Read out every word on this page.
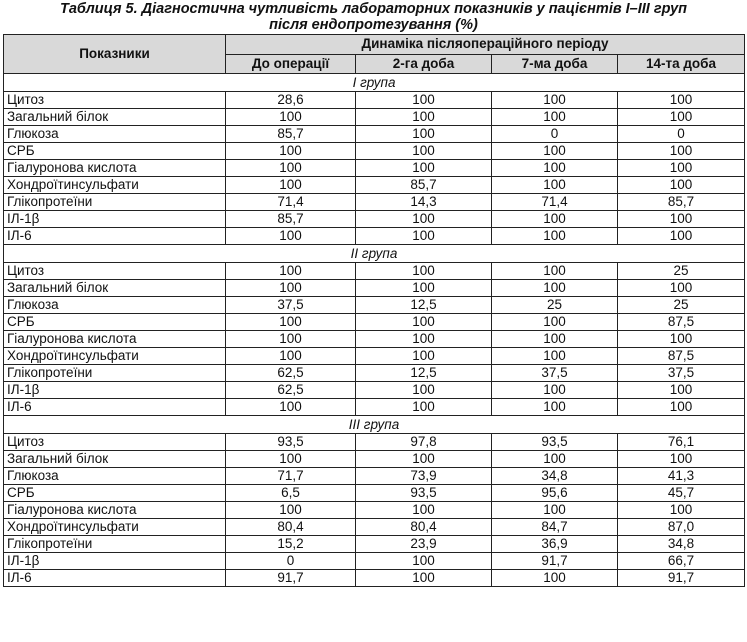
Таблиця 5. Діагностична чутливість лабораторних показників у пацієнтів І–ІІІ груп
після ендопротезування (%)
Показники	Динаміка післяопераційного періоду			
	До операції	2-га доба	7-ма доба	14-та доба
І група				
Цитоз	28,6	100	100	100
Загальний білок	100	100	100	100
Глюкоза	85,7	100	0	0
СРБ	100	100	100	100
Гіалуронова кислота	100	100	100	100
Хондроїтинсульфати	100	85,7	100	100
Глікопротеїни	71,4	14,3	71,4	85,7
ІЛ-1β	85,7	100	100	100
ІЛ-6	100	100	100	100
ІІ група				
Цитоз	100	100	100	25
Загальний білок	100	100	100	100
Глюкоза	37,5	12,5	25	25
СРБ	100	100	100	87,5
Гіалуронова кислота	100	100	100	100
Хондроїтинсульфати	100	100	100	87,5
Глікопротеїни	62,5	12,5	37,5	37,5
ІЛ-1β	62,5	100	100	100
ІЛ-6	100	100	100	100
ІІІ група				
Цитоз	93,5	97,8	93,5	76,1
Загальний білок	100	100	100	100
Глюкоза	71,7	73,9	34,8	41,3
СРБ	6,5	93,5	95,6	45,7
Гіалуронова кислота	100	100	100	100
Хондроїтинсульфати	80,4	80,4	84,7	87,0
Глікопротеїни	15,2	23,9	36,9	34,8
ІЛ-1β	0	100	91,7	66,7
ІЛ-6	91,7	100	100	91,7
